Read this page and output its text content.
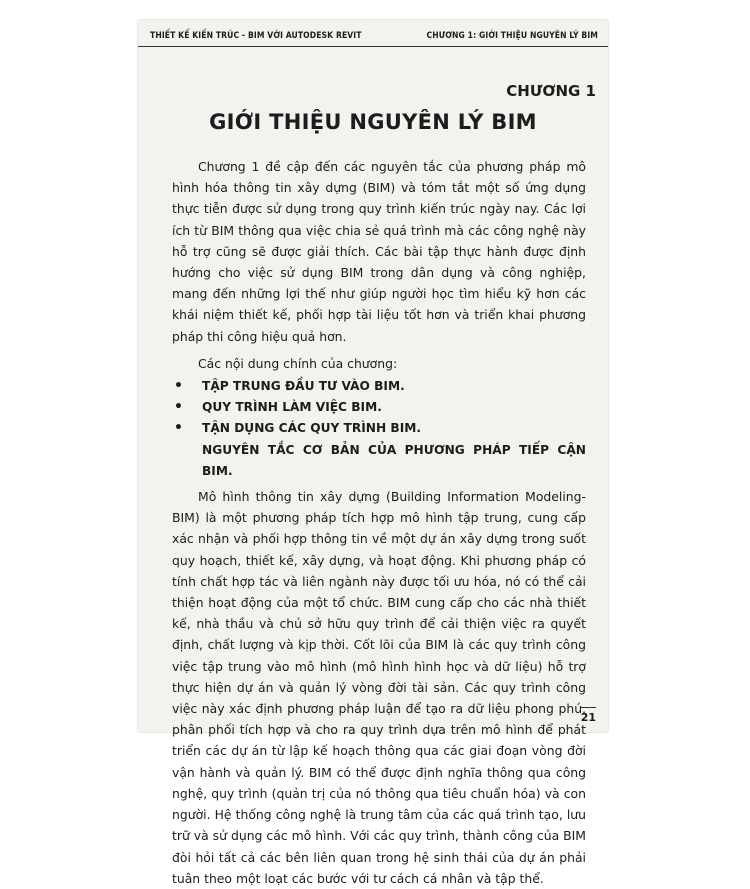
THIẾT KẾ KIẾN TRÚC - BIM VỚI AUTODESK REVIT	CHƯƠNG 1: GIỚI THIỆU NGUYÊN LÝ BIM
CHƯƠNG 1
GIỚI THIỆU NGUYÊN LÝ BIM

Chương 1 đề cập đến các nguyên tắc của phương pháp mô hình hóa thông tin xây dựng (BIM) và tóm tắt một số ứng dụng thực tiễn được sử dụng trong quy trình kiến trúc ngày nay. Các lợi ích từ BIM thông qua việc chia sẻ quá trình mà các công nghệ này hỗ trợ cũng sẽ được giải thích. Các bài tập thực hành được định hướng cho việc sử dụng BIM trong dân dụng và công nghiệp, mang đến những lợi thế như giúp người học tìm hiểu kỹ hơn các khái niệm thiết kế, phối hợp tài liệu tốt hơn và triển khai phương pháp thi công hiệu quả hơn.

Các nội dung chính của chương:

• TẬP TRUNG ĐẦU TƯ VÀO BIM.
• QUY TRÌNH LÀM VIỆC BIM.
• TẬN DỤNG CÁC QUY TRÌNH BIM.
NGUYÊN TẮC CƠ BẢN CỦA PHƯƠNG PHÁP TIẾP CẬN BIM.

Mô hình thông tin xây dựng (Building Information Modeling-BIM) là một phương pháp tích hợp mô hình tập trung, cung cấp xác nhận và phối hợp thông tin về một dự án xây dựng trong suốt quy hoạch, thiết kế, xây dựng, và hoạt động. Khi phương pháp có tính chất hợp tác và liên ngành này được tối ưu hóa, nó có thể cải thiện hoạt động của một tổ chức. BIM cung cấp cho các nhà thiết kế, nhà thầu và chủ sở hữu quy trình để cải thiện việc ra quyết định, chất lượng và kịp thời. Cốt lõi của BIM là các quy trình công việc tập trung vào mô hình (mô hình hình học và dữ liệu) hỗ trợ thực hiện dự án và quản lý vòng đời tài sản. Các quy trình công việc này xác định phương pháp luận để tạo ra dữ liệu phong phú, phân phối tích hợp và cho ra quy trình dựa trên mô hình để phát triển các dự án từ lập kế hoạch thông qua các giai đoạn vòng đời vận hành và quản lý. BIM có thể được định nghĩa thông qua công nghệ, quy trình (quản trị của nó thông qua tiêu chuẩn hóa) và con người. Hệ thống công nghệ là trung tâm của các quá trình tạo, lưu trữ và sử dụng các mô hình. Với các quy trình, thành công của BIM đòi hỏi tất cả các bên liên quan trong hệ sinh thái của dự án phải tuân theo một loạt các bước với tư cách cá nhân và tập thể.

21
